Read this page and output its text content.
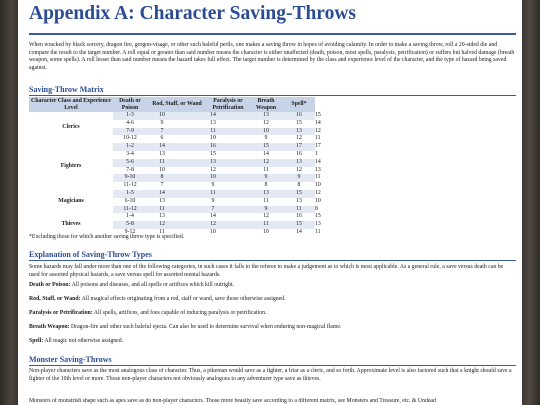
Appendix A: Character Saving-Throws
When wracked by black sorcery, dragon fire, gorgon-visage, or other such baleful perils, one makes a saving throw in hopes of avoiding calamity. In order to make a saving throw, roll a 20-sided die and compare the result to the target number. A roll equal or greater than said number means the character is either unaffected (death, poison, most spells, paralysis, petrification) or suffers but halved damage (breath weapon, some spells). A roll lesser than said number means the hazard takes full effect. The target number is determined by the class and experience level of the character, and the type of hazard being saved against.
Saving-Throw Matrix
Character Class and Experience Level	Death or Poison	Rod, Staff, or Wand		Paralysis or Petrification	Breath Weapon	Spell*	
Clerics	1-3	10	14		13	16	15
	4-6	9	13		12	15	14
	7-9	7	11		10	13	12
	10-12	6	10		9	12	11
Fighters	1-2	14	16		15	17	17
	3-4	13	15		14	16	1
	5-6	11	13		12	13	14
	7-8	10	12		11	12	13
	9-10	8	10		9	9	11
	11-12	7	9		8	8	10
Magicians	1-5	14	11		13	15	12
	6-10	13	9		11	13	10
	11-12	11	7		9	11	8
Thieves	1-4	13	14		12	16	15
	5-8	12	12		11	15	13
	9-12	11	10		10	14	11
*Excluding those for which another saving throw type is specified.
Explanation of Saving-Throw Types
Some hazards may fall under more than one of the following categories, in such cases it falls to the referee to make a judgement as to which is most applicable. As a general rule, a save versus death can be used for assorted physical hazards, a save versus spell for assorted mental hazards.
Death or Poison: All poisons and diseases, and all spells or artifices which kill outright.
Rod, Staff, or Wand: All magical effects originating from a rod, staff or wand, save those otherwise assigned.
Paralysis or Petrification: All spells, artifices, and foes capable of inducing paralysis or petrification.
Breath Weapon: Dragon-fire and other such baleful ejecta. Can also be used to determine survival when enduring non-magical flame.
Spell: All magic not otherwise assigned.
Monster Saving-Throws
Non-player characters save as the most analogous class of character. Thus, a pikeman would save as a fighter, a friar as a cleric, and so forth. Approximate level is also factored such that a knight should save a fighter of the 10th level or more. Those non-player characters not obviously analogous to any adventurer type save as thieves.
Monsters of monstrish shape such as apes save as do non-player characters. Those more beastly save according to a different matrix, see Monsters and Treasure, etc. & Undead
